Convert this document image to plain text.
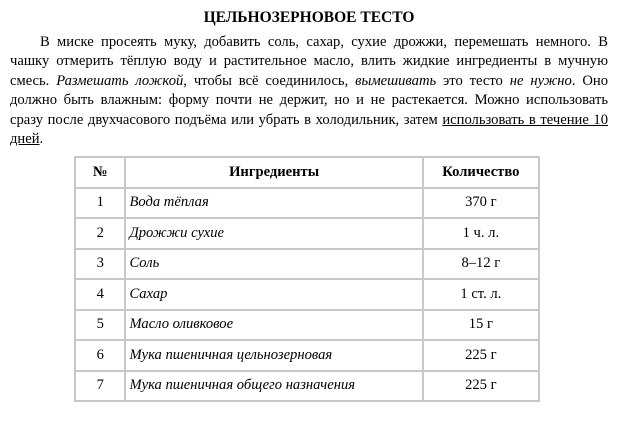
ЦЕЛЬНОЗЕРНОВОЕ ТЕСТО

В миске просеять муку, добавить соль, сахар, сухие дрожжи, перемешать немного. В чашку отмерить тёплую воду и растительное масло, влить жидкие ингредиенты в мучную смесь. Размешать ложкой, чтобы всё соединилось, вымешивать это тесто не нужно. Оно должно быть влажным: форму почти не держит, но и не растекается. Можно использовать сразу после двухчасового подъёма или убрать в холодильник, затем использовать в течение 10 дней.

№	Ингредиенты	Количество
1	Вода тёплая	370 г
2	Дрожжи сухие	1 ч. л.
3	Соль	8–12 г
4	Сахар	1 ст. л.
5	Масло оливковое	15 г
6	Мука пшеничная цельнозерновая	225 г
7	Мука пшеничная общего назначения	225 г
